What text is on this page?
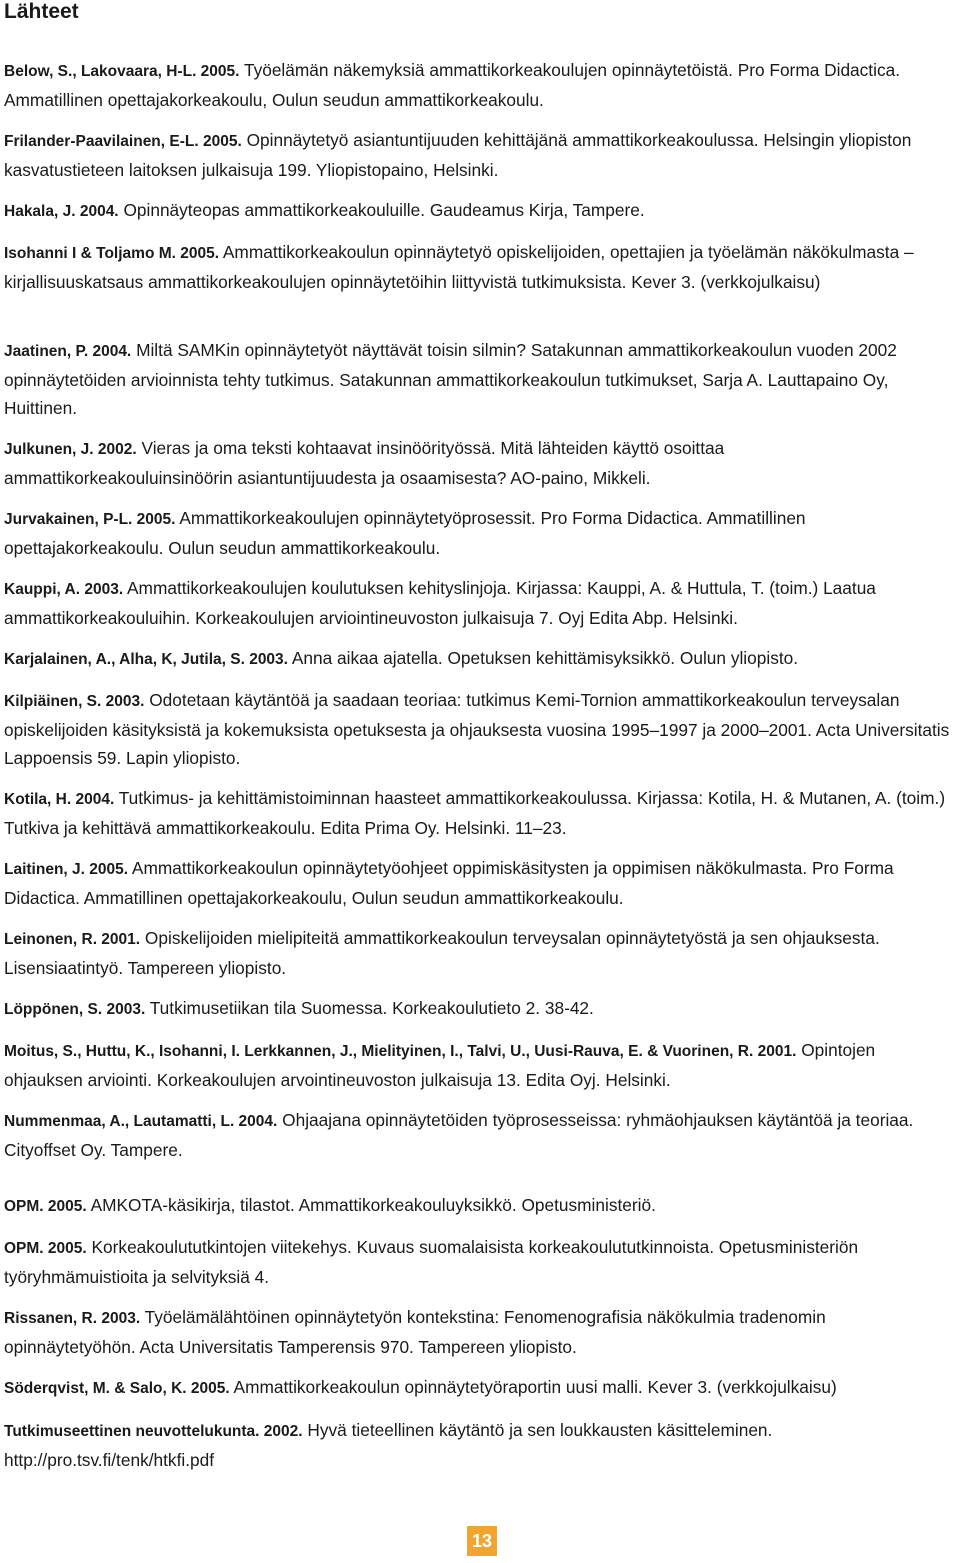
Lähteet

Below, S., Lakovaara, H-L. 2005. Työelämän näkemyksiä ammattikorkeakoulujen opinnäytetöistä. Pro Forma Didactica. Ammatillinen opettajakorkeakoulu, Oulun seudun ammattikorkeakoulu.

Frilander-Paavilainen, E-L. 2005. Opinnäytetyö asiantuntijuuden kehittäjänä ammattikorkeakoulussa. Helsingin yliopiston kasvatustieteen laitoksen julkaisuja 199. Yliopistopaino, Helsinki.

Hakala, J. 2004. Opinnäyteopas ammattikorkeakouluille. Gaudeamus Kirja, Tampere.

Isohanni I & Toljamo M. 2005. Ammattikorkeakoulun opinnäytetyö opiskelijoiden, opettajien ja työelämän näkökulmasta – kirjallisuuskatsaus ammattikorkeakoulujen opinnäytetöihin liittyvistä tutkimuksista. Kever 3. (verkkojulkaisu)

Jaatinen, P. 2004. Miltä SAMKin opinnäytetyöt näyttävät toisin silmin? Satakunnan ammattikorkeakoulun vuoden 2002 opinnäytetöiden arvioinnista tehty tutkimus. Satakunnan ammattikorkeakoulun tutkimukset, Sarja A. Lauttapaino Oy, Huittinen.

Julkunen, J. 2002. Vieras ja oma teksti kohtaavat insinöörityössä. Mitä lähteiden käyttö osoittaa ammattikorkeakouluinsinöörin asiantuntijuudesta ja osaamisesta? AO-paino, Mikkeli.

Jurvakainen, P-L. 2005. Ammattikorkeakoulujen opinnäytetyöprosessit. Pro Forma Didactica. Ammatillinen opettajakorkeakoulu. Oulun seudun ammattikorkeakoulu.

Kauppi, A. 2003. Ammattikorkeakoulujen koulutuksen kehityslinjoja. Kirjassa: Kauppi, A. & Huttula, T. (toim.) Laatua ammattikorkeakouluihin. Korkeakoulujen arviointineuvoston julkaisuja 7. Oyj Edita Abp. Helsinki.

Karjalainen, A., Alha, K, Jutila, S. 2003. Anna aikaa ajatella. Opetuksen kehittämisyksikkö. Oulun yliopisto.

Kilpiäinen, S. 2003. Odotetaan käytäntöä ja saadaan teoriaa: tutkimus Kemi-Tornion ammattikorkeakoulun terveysalan opiskelijoiden käsityksistä ja kokemuksista opetuksesta ja ohjauksesta vuosina 1995–1997 ja 2000–2001. Acta Universitatis Lappoensis 59. Lapin yliopisto.

Kotila, H. 2004. Tutkimus- ja kehittämistoiminnan haasteet ammattikorkeakoulussa. Kirjassa: Kotila, H. & Mutanen, A. (toim.) Tutkiva ja kehittävä ammattikorkeakoulu. Edita Prima Oy. Helsinki. 11–23.

Laitinen, J. 2005. Ammattikorkeakoulun opinnäytetyöohjeet oppimiskäsitysten ja oppimisen näkökulmasta. Pro Forma Didactica. Ammatillinen opettajakorkeakoulu, Oulun seudun ammattikorkeakoulu.

Leinonen, R. 2001. Opiskelijoiden mielipiteitä ammattikorkeakoulun terveysalan opinnäytetyöstä ja sen ohjauksesta. Lisensiaatintyö. Tampereen yliopisto.

Löppönen, S. 2003. Tutkimusetiikan tila Suomessa. Korkeakoulutieto 2. 38-42.

Moitus, S., Huttu, K., Isohanni, I. Lerkkannen, J., Mielityinen, I., Talvi, U., Uusi-Rauva, E. & Vuorinen, R. 2001. Opintojen ohjauksen arviointi. Korkeakoulujen arvointineuvoston julkaisuja 13. Edita Oyj. Helsinki.

Nummenmaa, A., Lautamatti, L. 2004. Ohjaajana opinnäytetöiden työprosesseissa: ryhmäohjauksen käytäntöä ja teoriaa. Cityoffset Oy. Tampere.

OPM. 2005. AMKOTA-käsikirja, tilastot. Ammattikorkeakouluyksikkö. Opetusministeriö.

OPM. 2005. Korkeakoulututkintojen viitekehys. Kuvaus suomalaisista korkeakoulututkinnoista. Opetusministeriön työryhmämuistioita ja selvityksiä 4.

Rissanen, R. 2003. Työelämälähtöinen opinnäytetyön kontekstina: Fenomenografisia näkökulmia tradenomin opinnäytetyöhön. Acta Universitatis Tamperensis 970. Tampereen yliopisto.

Söderqvist, M. & Salo, K. 2005. Ammattikorkeakoulun opinnäytetyöraportin uusi malli. Kever 3. (verkkojulkaisu)

Tutkimuseettinen neuvottelukunta. 2002. Hyvä tieteellinen käytäntö ja sen loukkausten käsitteleminen. http://pro.tsv.fi/tenk/htkfi.pdf

13
